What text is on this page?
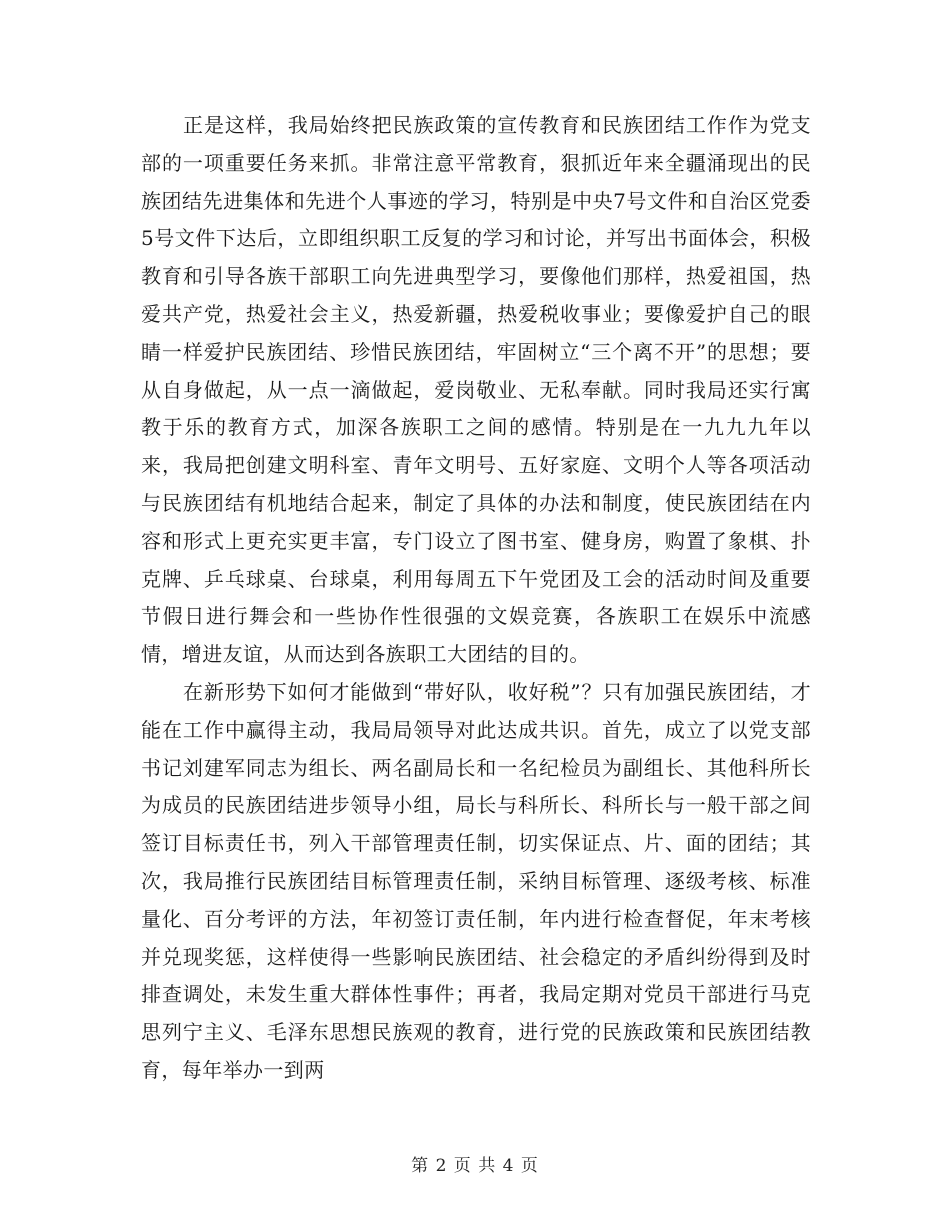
正是这样，我局始终把民族政策的宣传教育和民族团结工作作为党支部的一项重要任务来抓。非常注意平常教育，狠抓近年来全疆涌现出的民族团结先进集体和先进个人事迹的学习，特别是中央7号文件和自治区党委5号文件下达后，立即组织职工反复的学习和讨论，并写出书面体会，积极教育和引导各族干部职工向先进典型学习，要像他们那样，热爱祖国，热爱共产党，热爱社会主义，热爱新疆，热爱税收事业；要像爱护自己的眼睛一样爱护民族团结、珍惜民族团结，牢固树立“三个离不开”的思想；要从自身做起，从一点一滴做起，爱岗敬业、无私奉献。同时我局还实行寓教于乐的教育方式，加深各族职工之间的感情。特别是在一九九九年以来，我局把创建文明科室、青年文明号、五好家庭、文明个人等各项活动与民族团结有机地结合起来，制定了具体的办法和制度，使民族团结在内容和形式上更充实更丰富，专门设立了图书室、健身房，购置了象棋、扑克牌、乒乓球桌、台球桌，利用每周五下午党团及工会的活动时间及重要节假日进行舞会和一些协作性很强的文娱竞赛，各族职工在娱乐中流感情，增进友谊，从而达到各族职工大团结的目的。

在新形势下如何才能做到“带好队，收好税”？只有加强民族团结，才能在工作中赢得主动，我局局领导对此达成共识。首先，成立了以党支部书记刘建军同志为组长、两名副局长和一名纪检员为副组长、其他科所长为成员的民族团结进步领导小组，局长与科所长、科所长与一般干部之间签订目标责任书，列入干部管理责任制，切实保证点、片、面的团结；其次，我局推行民族团结目标管理责任制，采纳目标管理、逐级考核、标准量化、百分考评的方法，年初签订责任制，年内进行检查督促，年末考核并兑现奖惩，这样使得一些影响民族团结、社会稳定的矛盾纠纷得到及时排查调处，未发生重大群体性事件；再者，我局定期对党员干部进行马克思列宁主义、毛泽东思想民族观的教育，进行党的民族政策和民族团结教育，每年举办一到两

第 2 页 共 4 页
